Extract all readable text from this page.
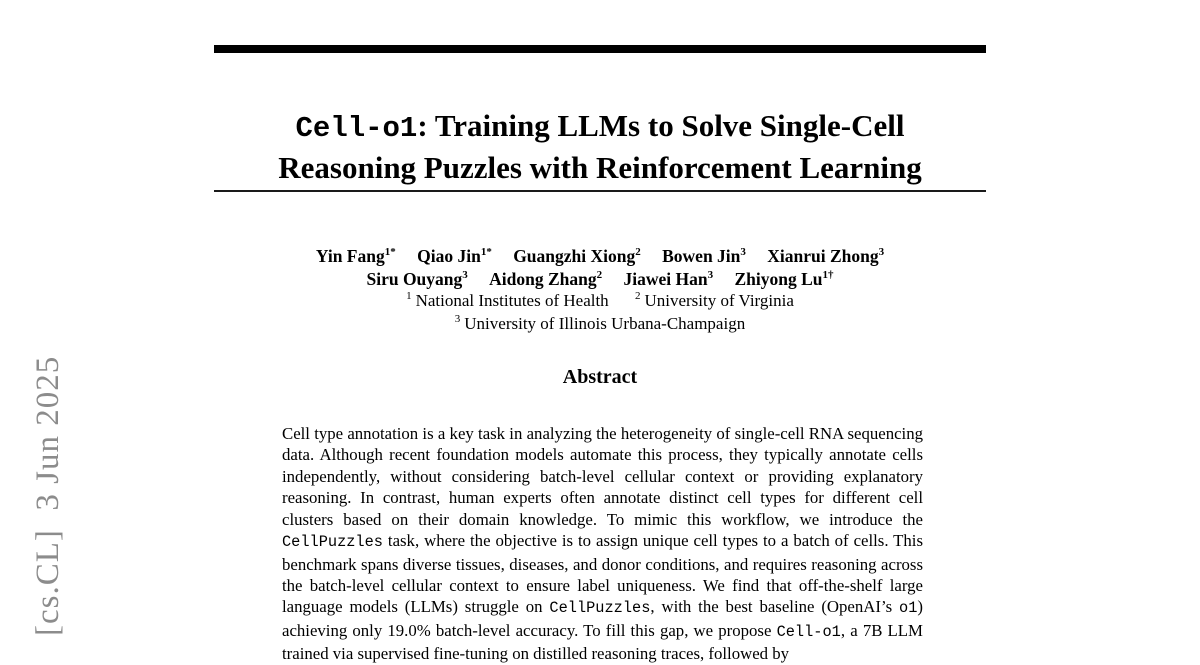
[cs.CL]  3 Jun 2025
Cell-o1: Training LLMs to Solve Single-Cell
Reasoning Puzzles with Reinforcement Learning
Yin Fang$^{1*}$ Qiao Jin$^{1*}$ Guangzhi Xiong$^2$ Bowen Jin$^3$ Xianrui Zhong$^3$
Siru Ouyang$^3$ Aidong Zhang$^2$ Jiawei Han$^3$ Zhiyong $Lu^{1\dagger}$
$^1$ National Institutes of Health $^2$ University of Virginia
$^3$ University of Illinois Urbana-Champaign
Abstract

Cell type annotation is a key task in analyzing the heterogeneity of single-cell RNA sequencing data. Although recent foundation models automate this process, they typically annotate cells independently, without considering batch-level cellular context or providing explanatory reasoning. In contrast, human experts often annotate distinct cell types for different cell clusters based on their domain knowledge. To mimic this workflow, we introduce the CellPuzzles task, where the objective is to assign unique cell types to a batch of cells. This benchmark spans diverse tissues, diseases, and donor conditions, and requires reasoning across the batch-level cellular context to ensure label uniqueness. We find that off-the-shelf large language models (LLMs) struggle on CellPuzzles, with the best baseline (OpenAI’s o1) achieving only 19.0% batch-level accuracy. To fill this gap, we propose Cell-o1, a 7B LLM trained via supervised fine-tuning on distilled reasoning traces, followed by
